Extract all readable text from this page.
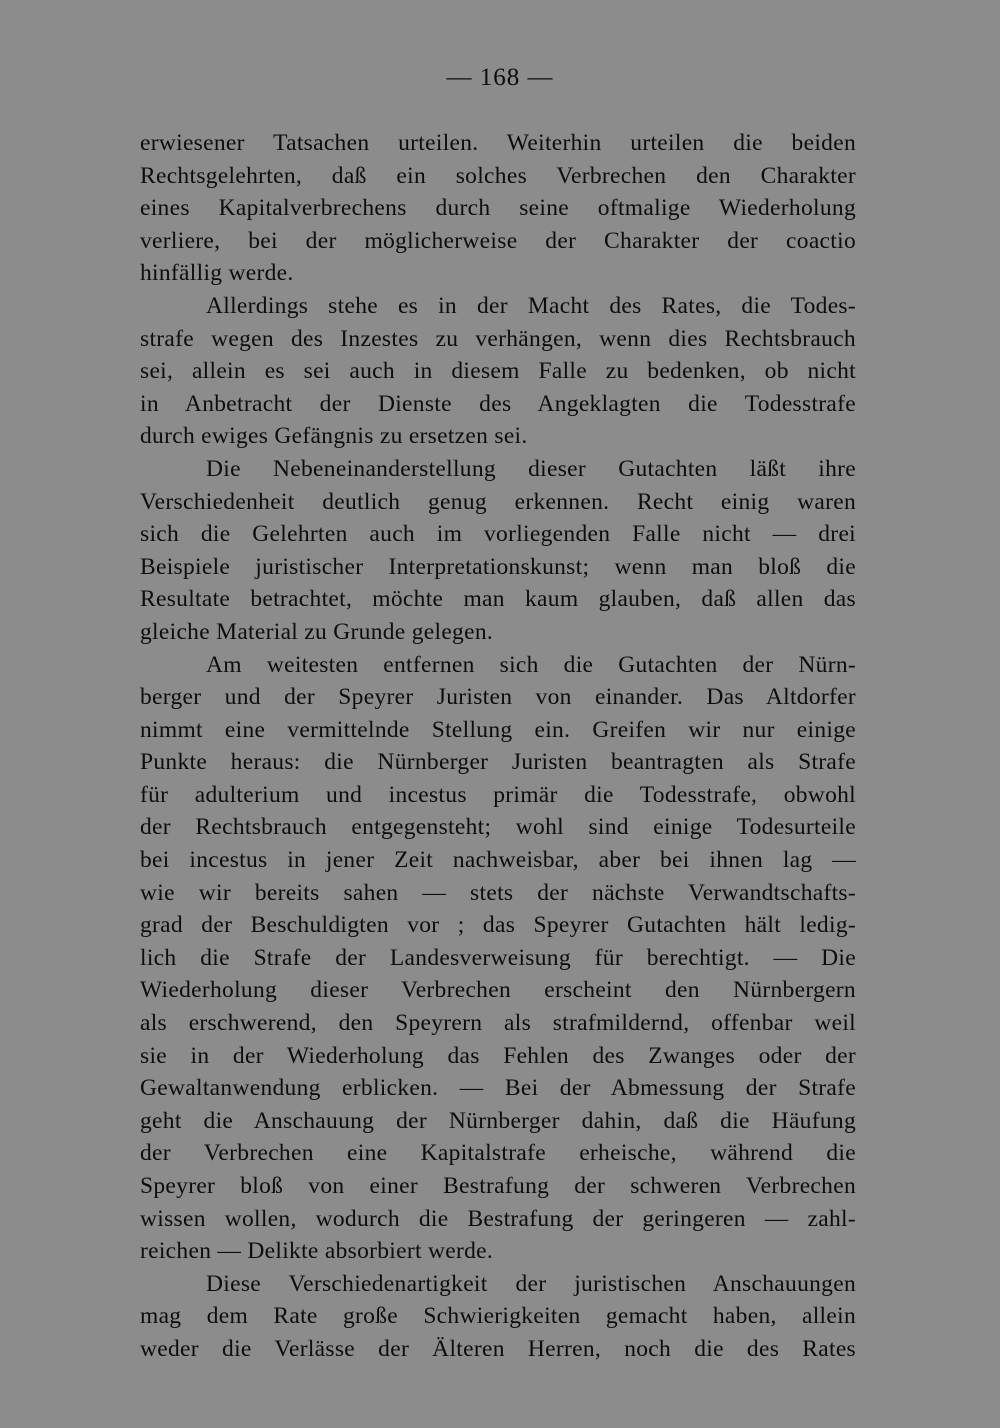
— 168 —
erwiesener Tatsachen urteilen. Weiterhin urteilen die beiden
Rechtsgelehrten, daß ein solches Verbrechen den Charakter
eines Kapitalverbrechens durch seine oftmalige Wiederholung
verliere, bei der möglicherweise der Charakter der coactio
hinfällig werde.
Allerdings stehe es in der Macht des Rates, die Todes-
strafe wegen des Inzestes zu verhängen, wenn dies Rechtsbrauch
sei, allein es sei auch in diesem Falle zu bedenken, ob nicht
in Anbetracht der Dienste des Angeklagten die Todesstrafe
durch ewiges Gefängnis zu ersetzen sei.
Die Nebeneinanderstellung dieser Gutachten läßt ihre
Verschiedenheit deutlich genug erkennen. Recht einig waren
sich die Gelehrten auch im vorliegenden Falle nicht — drei
Beispiele juristischer Interpretationskunst; wenn man bloß die
Resultate betrachtet, möchte man kaum glauben, daß allen das
gleiche Material zu Grunde gelegen.
Am weitesten entfernen sich die Gutachten der Nürn-
berger und der Speyrer Juristen von einander. Das Altdorfer
nimmt eine vermittelnde Stellung ein. Greifen wir nur einige
Punkte heraus: die Nürnberger Juristen beantragten als Strafe
für adulterium und incestus primär die Todesstrafe, obwohl
der Rechtsbrauch entgegensteht; wohl sind einige Todesurteile
bei incestus in jener Zeit nachweisbar, aber bei ihnen lag —
wie wir bereits sahen — stets der nächste Verwandtschafts-
grad der Beschuldigten vor ; das Speyrer Gutachten hält ledig-
lich die Strafe der Landesverweisung für berechtigt. — Die
Wiederholung dieser Verbrechen erscheint den Nürnbergern
als erschwerend, den Speyrern als strafmildernd, offenbar weil
sie in der Wiederholung das Fehlen des Zwanges oder der
Gewaltanwendung erblicken. — Bei der Abmessung der Strafe
geht die Anschauung der Nürnberger dahin, daß die Häufung
der Verbrechen eine Kapitalstrafe erheische, während die
Speyrer bloß von einer Bestrafung der schweren Verbrechen
wissen wollen, wodurch die Bestrafung der geringeren — zahl-
reichen — Delikte absorbiert werde.
Diese Verschiedenartigkeit der juristischen Anschauungen
mag dem Rate große Schwierigkeiten gemacht haben, allein
weder die Verlässe der Älteren Herren, noch die des Rates
